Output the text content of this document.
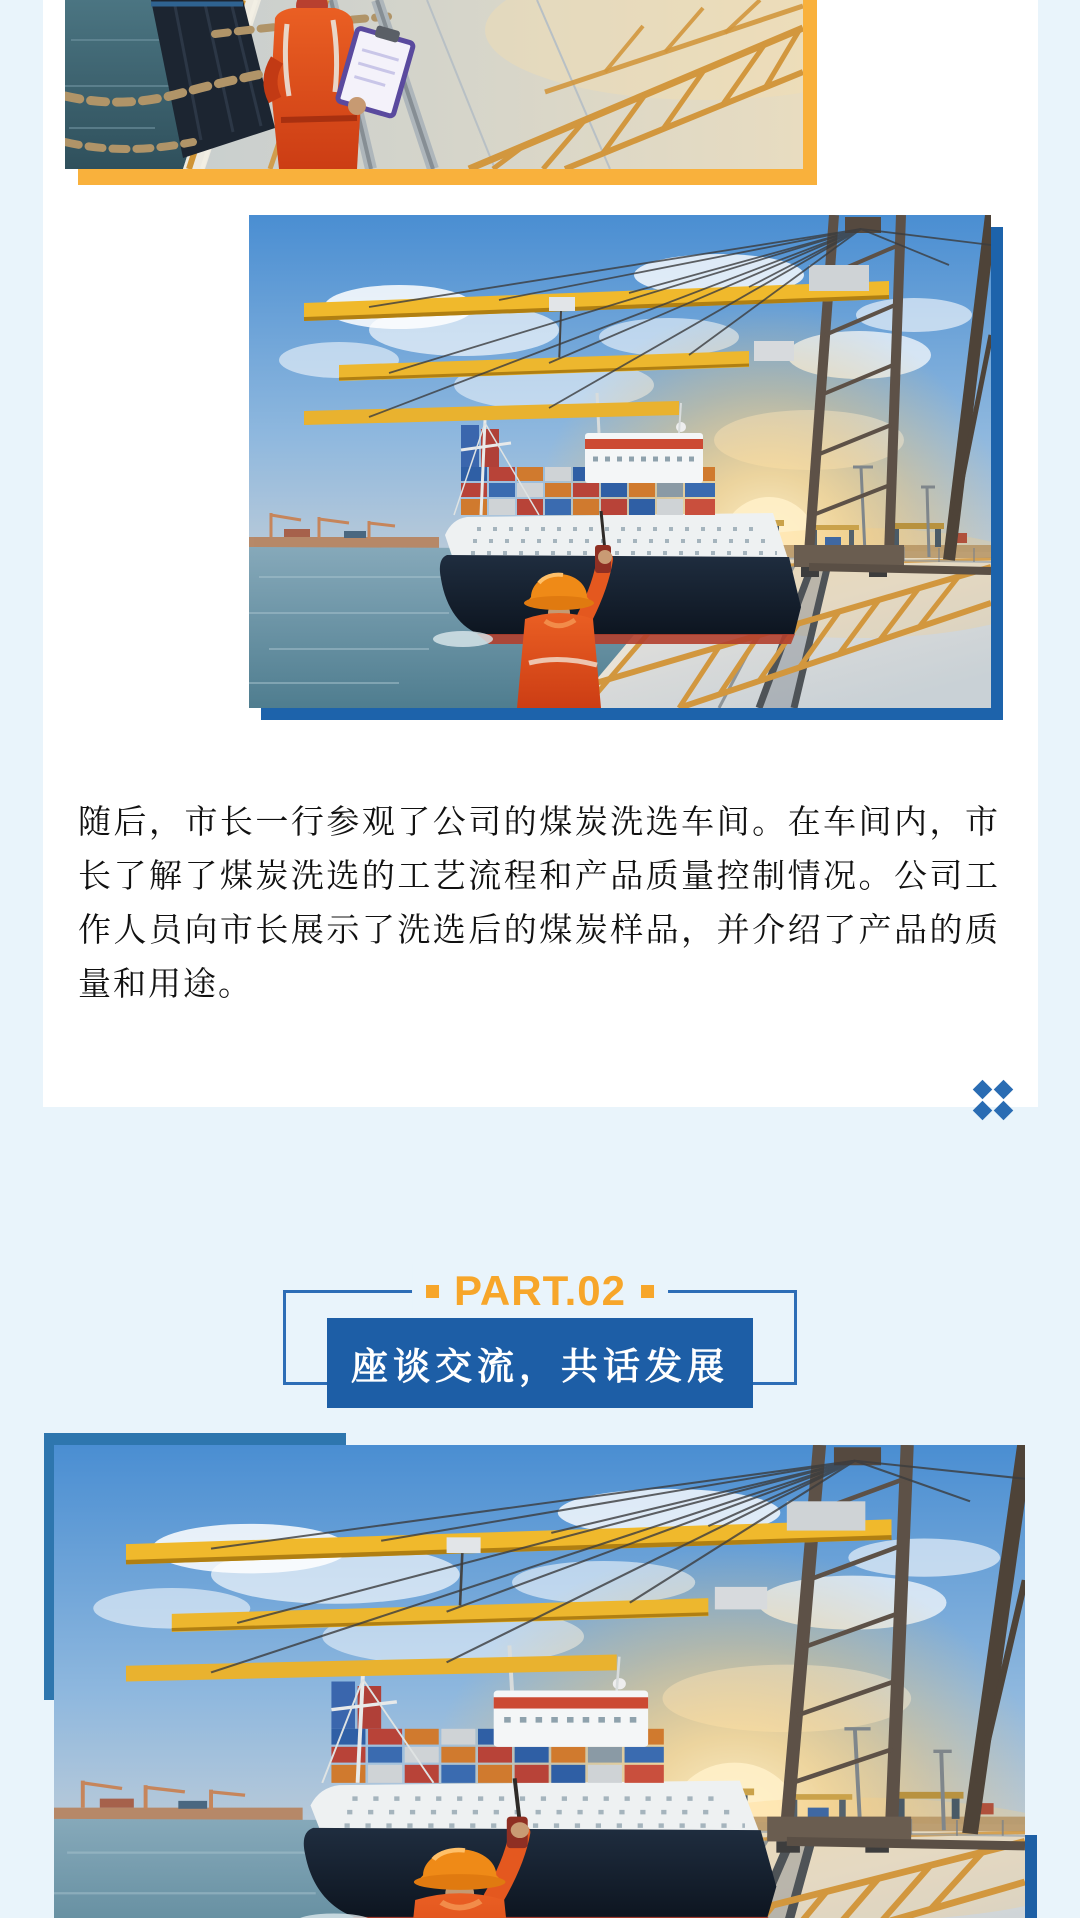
随后，市长一行参观了公司的煤炭洗选车间。在车间内，市长了解了煤炭洗选的工艺流程和产品质量控制情况。公司工作人员向市长展示了洗选后的煤炭样品，并介绍了产品的质量和用途。

PART.02
座谈交流，共话发展
